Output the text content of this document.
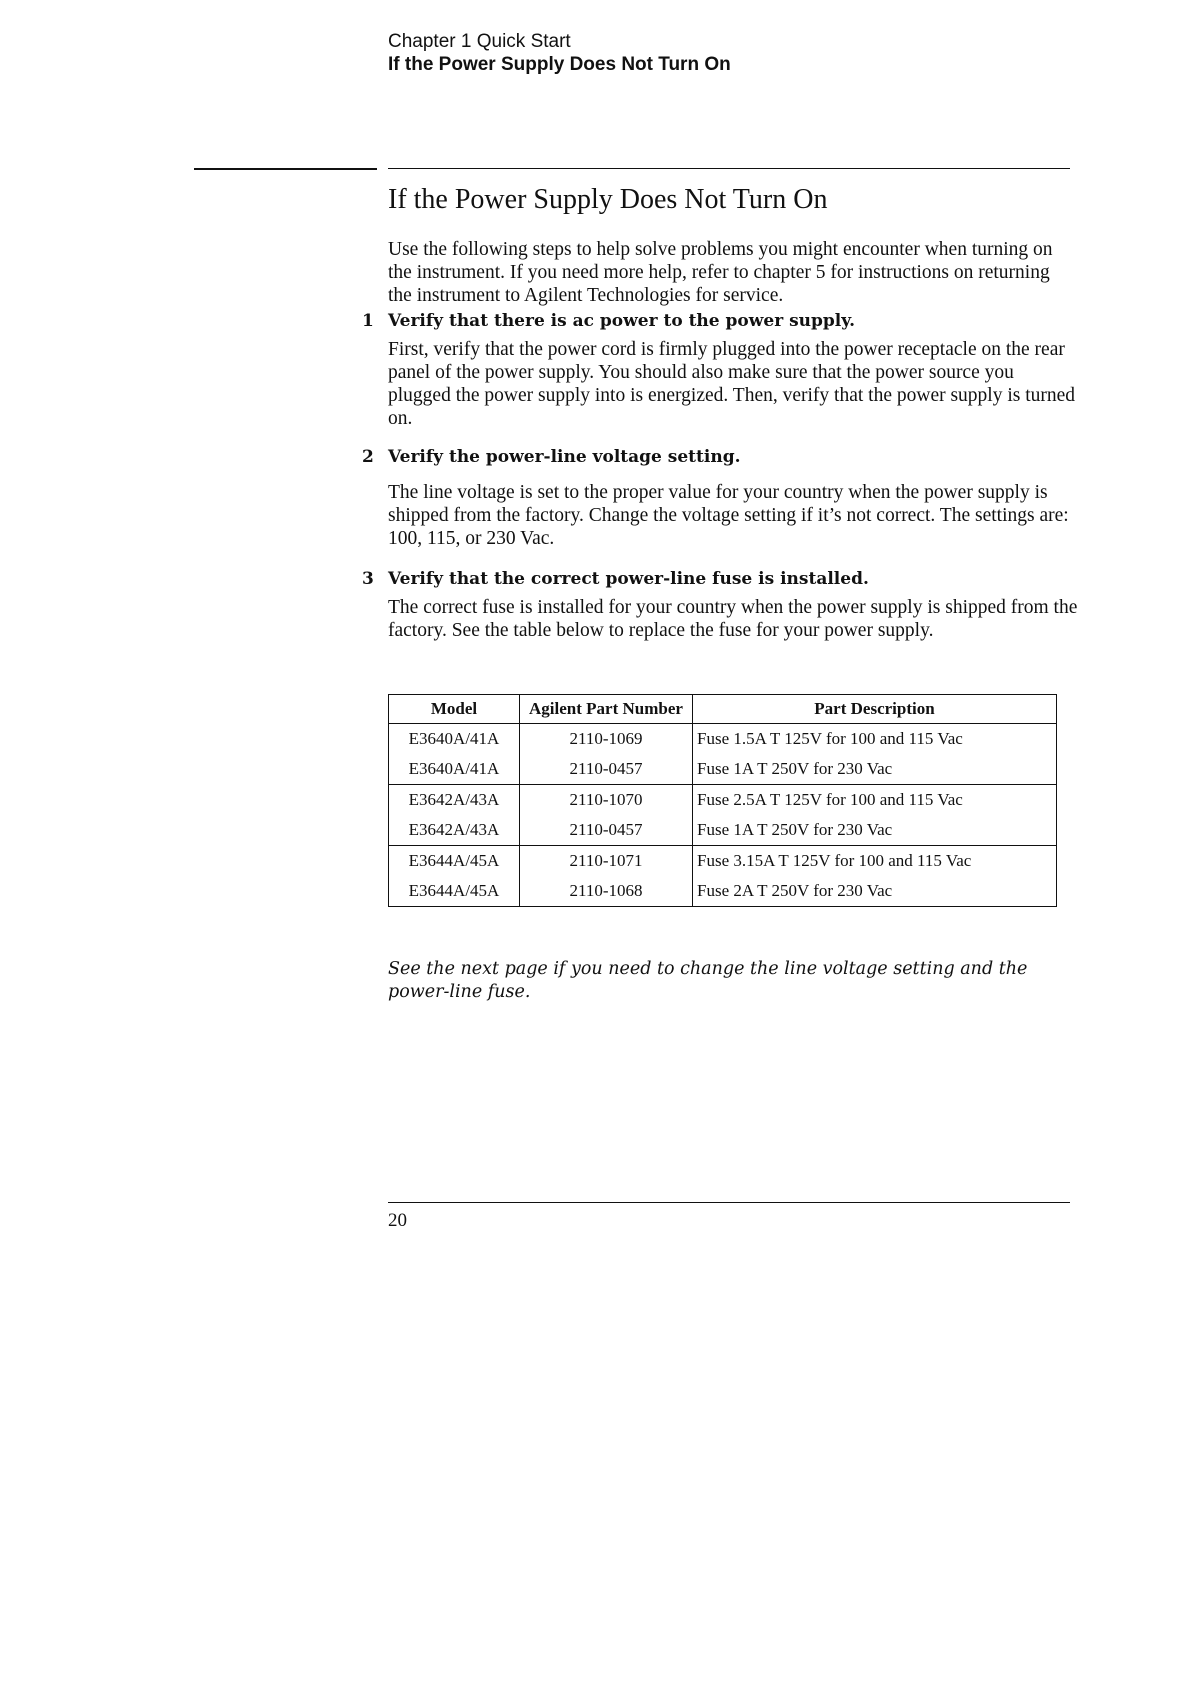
Chapter 1 Quick Start
If the Power Supply Does Not Turn On
If the Power Supply Does Not Turn On
Use the following steps to help solve problems you might encounter when turning on the instrument. If you need more help, refer to chapter 5 for instructions on returning the instrument to Agilent Technologies for service.
1 Verify that there is ac power to the power supply.
First, verify that the power cord is firmly plugged into the power receptacle on the rear panel of the power supply. You should also make sure that the power source you plugged the power supply into is energized. Then, verify that the power supply is turned on.
2 Verify the power-line voltage setting.
The line voltage is set to the proper value for your country when the power supply is shipped from the factory. Change the voltage setting if it’s not correct. The settings are: 100, 115, or 230 Vac.
3 Verify that the correct power-line fuse is installed.
The correct fuse is installed for your country when the power supply is shipped from the factory. See the table below to replace the fuse for your power supply.
Model	Agilent Part Number	Part Description
E3640A/41A	2110-1069	Fuse 1.5A T 125V for 100 and 115 Vac
E3640A/41A	2110-0457	Fuse 1A T 250V for 230 Vac
E3642A/43A	2110-1070	Fuse 2.5A T 125V for 100 and 115 Vac
E3642A/43A	2110-0457	Fuse 1A T 250V for 230 Vac
E3644A/45A	2110-1071	Fuse 3.15A T 125V for 100 and 115 Vac
E3644A/45A	2110-1068	Fuse 2A T 250V for 230 Vac
See the next page if you need to change the line voltage setting and the power-line fuse.
20
